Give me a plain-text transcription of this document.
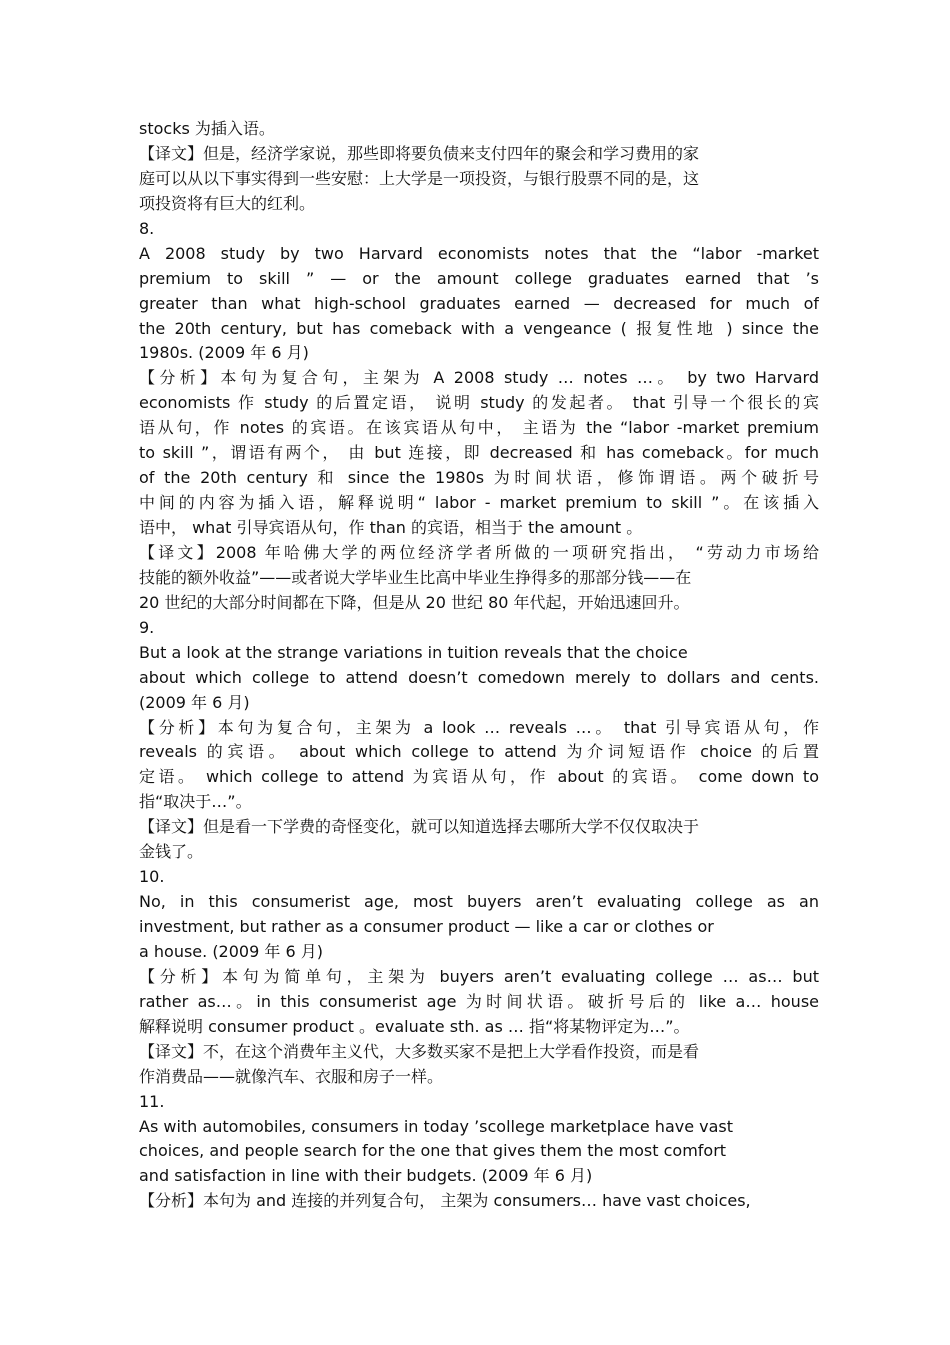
stocks 为插入语。
【译文】但是，经济学家说，那些即将要负债来支付四年的聚会和学习费用的家
庭可以从以下事实得到一些安慰：上大学是一项投资，与银行股票不同的是，这
项投资将有巨大的红利。
8.
A 2008 study by two Harvard economists notes that the “labor -market
premium to skill ” — or the amount college graduates earned that ’s
greater than what high-school graduates earned — decreased for much of
the 20th century, but has comeback with a vengeance ( 报复性地 ) since the
1980s. (2009 年 6 月)
【分析】本句为复合句，主架为 A 2008 study … notes …。 by two Harvard
economists 作 study 的后置定语， 说明 study 的发起者。 that 引导一个很长的宾
语从句，作 notes 的宾语。在该宾语从句中， 主语为 the “labor -market premium
to skill ”，谓语有两个， 由 but 连接，即 decreased 和 has comeback。for much
of the 20th century 和 since the 1980s 为时间状语，修饰谓语。两个破折号
中间的内容为插入语，解释说明“ labor - market premium to skill ”。在该插入
语中， what 引导宾语从句，作 than 的宾语，相当于 the amount 。
【译文】2008 年哈佛大学的两位经济学者所做的一项研究指出， “劳动力市场给
技能的额外收益”——或者说大学毕业生比高中毕业生挣得多的那部分钱——在
20 世纪的大部分时间都在下降，但是从 20 世纪 80 年代起，开始迅速回升。
9.
But a look at the strange variations in tuition reveals that the choice
about which college to attend doesn’t comedown merely to dollars and cents.
(2009 年 6 月)
【分析】本句为复合句，主架为 a look … reveals …。 that 引导宾语从句，作
reveals 的宾语。 about which college to attend 为介词短语作 choice 的后置
定语。 which college to attend 为宾语从句，作 about 的宾语。 come down to
指“取决于…”。
【译文】但是看一下学费的奇怪变化，就可以知道选择去哪所大学不仅仅取决于
金钱了。
10.
No, in this consumerist age, most buyers aren’t evaluating college as an
investment, but rather as a consumer product — like a car or clothes or
a house. (2009 年 6 月)
【分析】本句为简单句，主架为 buyers aren’t evaluating college … as… but
rather as…。in this consumerist age 为时间状语。破折号后的 like a… house
解释说明 consumer product 。evaluate sth. as … 指“将某物评定为…”。
【译文】不，在这个消费年主义代，大多数买家不是把上大学看作投资，而是看
作消费品——就像汽车、衣服和房子一样。
11.
As with automobiles, consumers in today ’scollege marketplace have vast
choices, and people search for the one that gives them the most comfort
and satisfaction in line with their budgets. (2009 年 6 月)
【分析】本句为 and 连接的并列复合句， 主架为 consumers… have vast choices,
